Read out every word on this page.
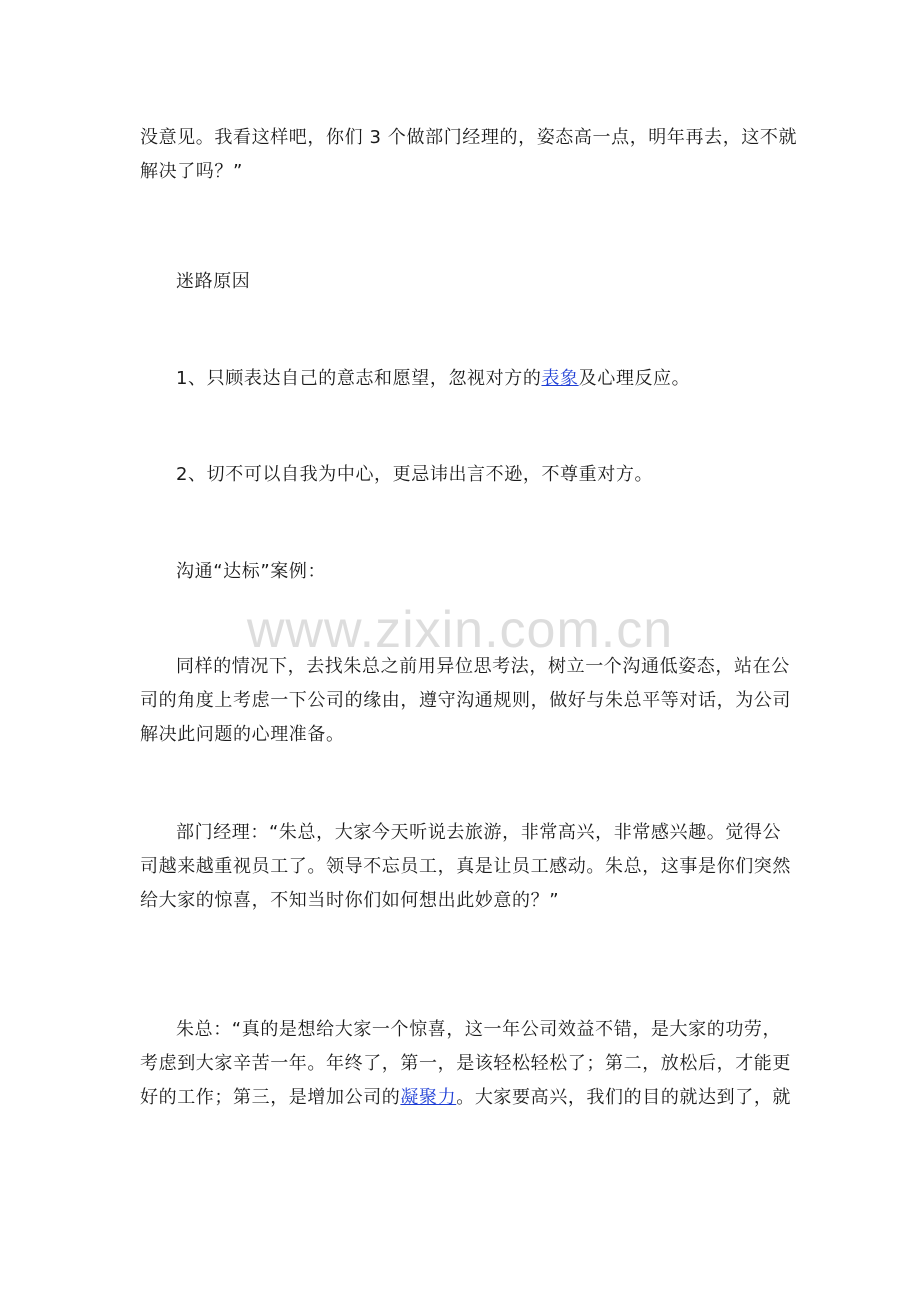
没意见。我看这样吧，你们 3 个做部门经理的，姿态高一点，明年再去，这不就
解决了吗？”
迷路原因
1、只顾表达自己的意志和愿望，忽视对方的表象及心理反应。
2、切不可以自我为中心，更忌讳出言不逊，不尊重对方。
沟通“达标”案例：
www.zixin.com.cn
同样的情况下，去找朱总之前用异位思考法，树立一个沟通低姿态，站在公
司的角度上考虑一下公司的缘由，遵守沟通规则，做好与朱总平等对话，为公司
解决此问题的心理准备。
部门经理：“朱总，大家今天听说去旅游，非常高兴，非常感兴趣。觉得公
司越来越重视员工了。领导不忘员工，真是让员工感动。朱总，这事是你们突然
给大家的惊喜，不知当时你们如何想出此妙意的？”
朱总：“真的是想给大家一个惊喜，这一年公司效益不错，是大家的功劳，
考虑到大家辛苦一年。年终了，第一，是该轻松轻松了；第二，放松后，才能更
好的工作；第三，是增加公司的凝聚力。大家要高兴，我们的目的就达到了，就
